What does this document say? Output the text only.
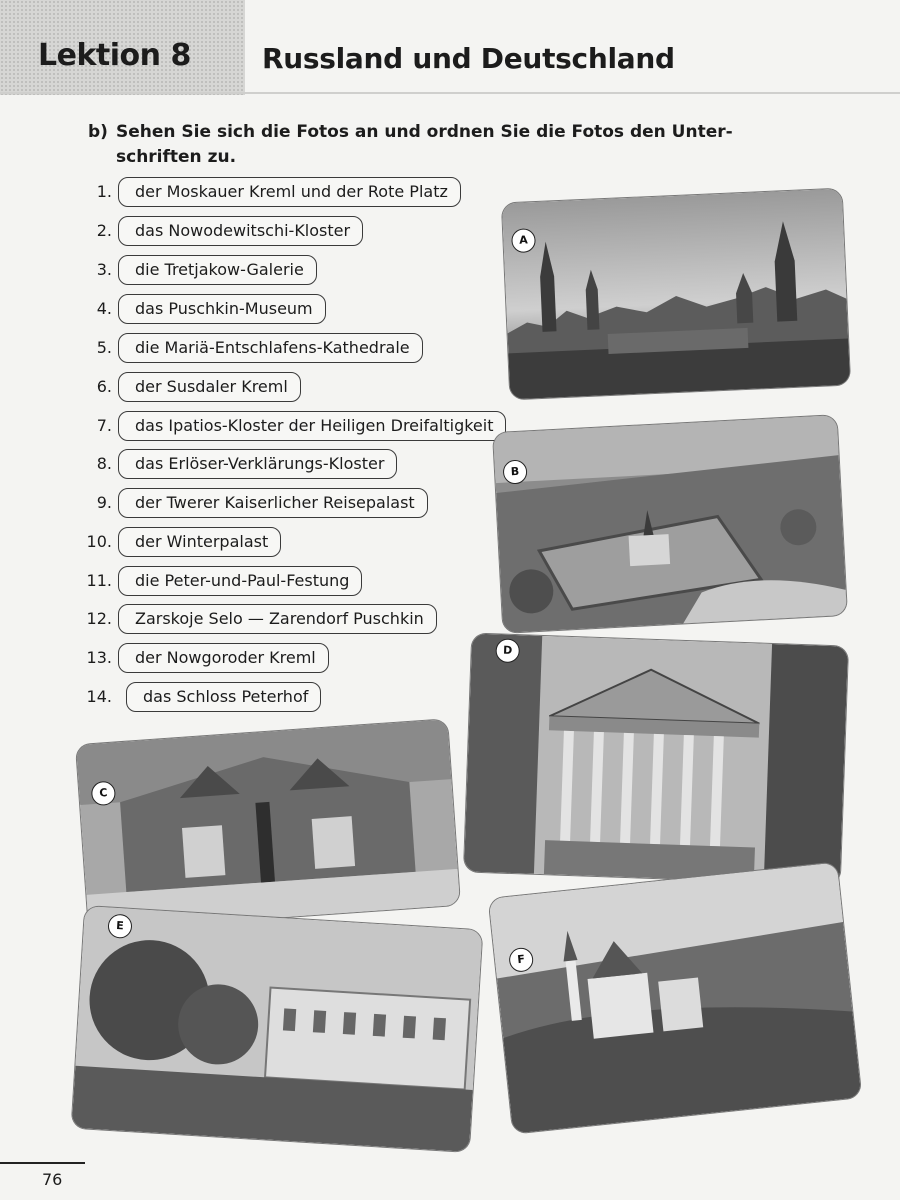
Lektion 8	Russland und Deutschland
b) Sehen Sie sich die Fotos an und ordnen Sie die Fotos den Unter-
schriften zu.
1.	der Moskauer Kreml und der Rote Platz
2.	das Nowodewitschi-Kloster
3.	die Tretjakow-Galerie
4.	das Puschkin-Museum
5.	die Mariä-Entschlafens-Kathedrale
6.	der Susdaler Kreml
7.	das Ipatios-Kloster der Heiligen Dreifaltigkeit
8.	das Erlöser-Verklärungs-Kloster
9.	der Twerer Kaiserlicher Reisepalast
10.	der Winterpalast
11.	die Peter-und-Paul-Festung
12.	Zarskoje Selo — Zarendorf Puschkin
13.	der Nowgoroder Kreml
14.	das Schloss Peterhof
A
B
D
C
F
E
76
